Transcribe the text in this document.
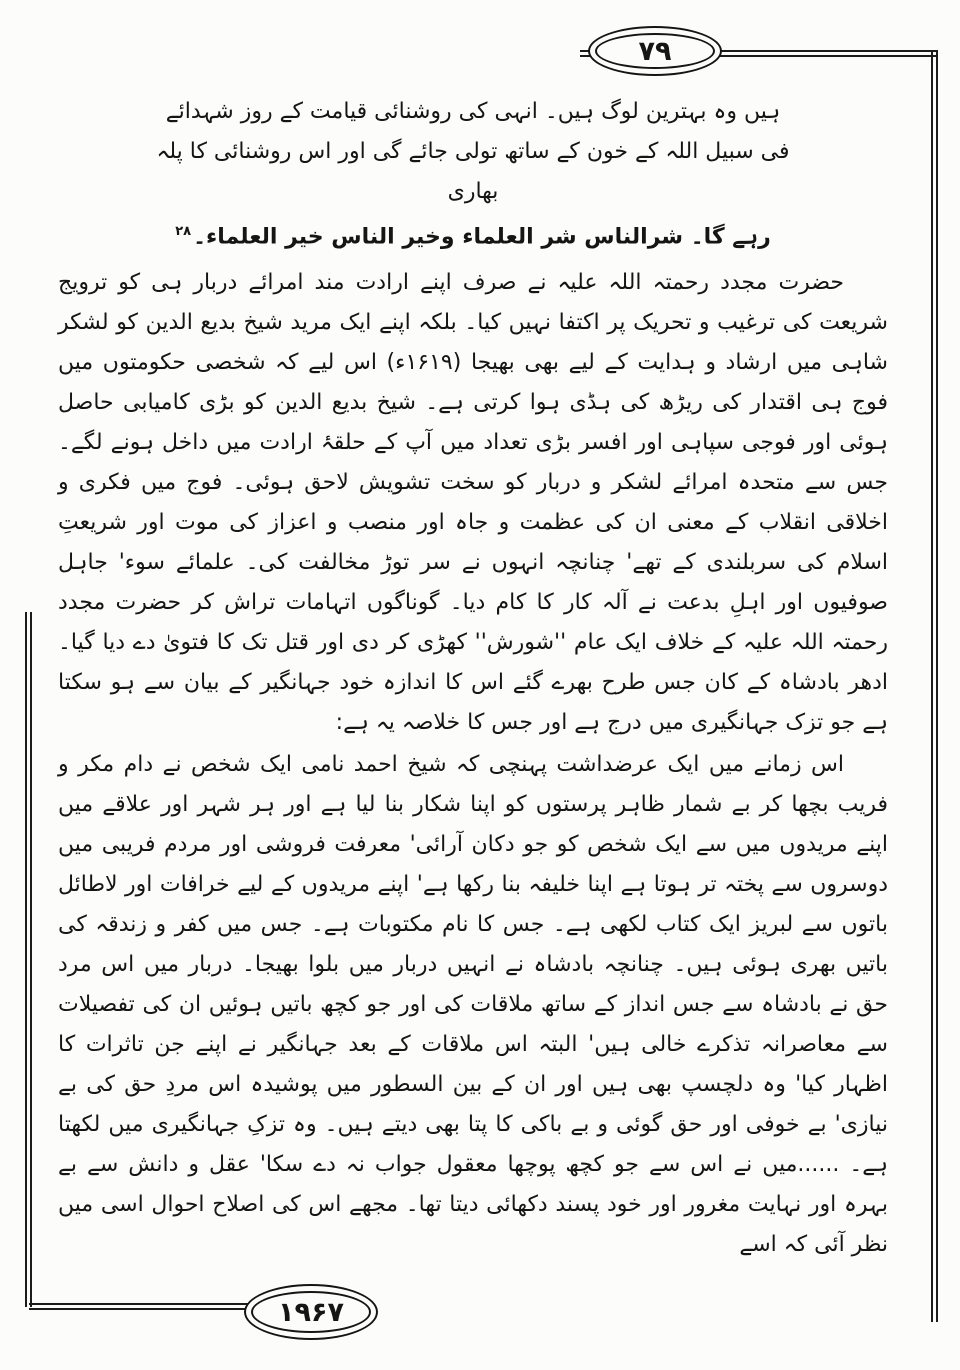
۷۹
ہیں وہ بہترین لوگ ہیں۔ انہی کی روشنائی قیامت کے روز شہدائے
فی سبیل اللہ کے خون کے ساتھ تولی جائے گی اور اس روشنائی کا پلہ بھاری
رہے گا۔ شرالناس شر العلماء وخیر الناس خیر العلماء۔$^{۲۸}$

حضرت مجدد رحمتہ اللہ علیہ نے صرف اپنے ارادت مند امرائے دربار ہی کو ترویج شریعت کی ترغیب و تحریک پر اکتفا نہیں کیا۔ بلکہ اپنے ایک مرید شیخ بدیع الدین کو لشکر شاہی میں ارشاد و ہدایت کے لیے بھی بھیجا (۱۶۱۹ء) اس لیے کہ شخصی حکومتوں میں فوج ہی اقتدار کی ریڑھ کی ہڈی ہوا کرتی ہے۔ شیخ بدیع الدین کو بڑی کامیابی حاصل ہوئی اور فوجی سپاہی اور افسر بڑی تعداد میں آپ کے حلقۂ ارادت میں داخل ہونے لگے۔ جس سے متحدہ امرائے لشکر و دربار کو سخت تشویش لاحق ہوئی۔ فوج میں فکری و اخلاقی انقلاب کے معنی ان کی عظمت و جاہ اور منصب و اعزاز کی موت اور شریعتِ اسلام کی سربلندی کے تھے' چنانچہ انہوں نے سر توڑ مخالفت کی۔ علمائے سوء' جاہل صوفیوں اور اہلِ بدعت نے آلہ کار کا کام دیا۔ گوناگوں اتہامات تراش کر حضرت مجدد رحمتہ اللہ علیہ کے خلاف ایک عام ''شورش'' کھڑی کر دی اور قتل تک کا فتویٰ دے دیا گیا۔ ادھر بادشاہ کے کان جس طرح بھرے گئے اس کا اندازہ خود جہانگیر کے بیان سے ہو سکتا ہے جو تزک جہانگیری میں درج ہے اور جس کا خلاصہ یہ ہے:

اس زمانے میں ایک عرضداشت پہنچی کہ شیخ احمد نامی ایک شخص نے دام مکر و فریب بچھا کر بے شمار ظاہر پرستوں کو اپنا شکار بنا لیا ہے اور ہر شہر اور علاقے میں اپنے مریدوں میں سے ایک شخص کو جو دکان آرائی' معرفت فروشی اور مردم فریبی میں دوسروں سے پختہ تر ہوتا ہے اپنا خلیفہ بنا رکھا ہے' اپنے مریدوں کے لیے خرافات اور لاطائل باتوں سے لبریز ایک کتاب لکھی ہے۔ جس کا نام مکتوبات ہے۔ جس میں کفر و زندقہ کی باتیں بھری ہوئی ہیں۔ چنانچہ بادشاہ نے انہیں دربار میں بلوا بھیجا۔ دربار میں اس مرد حق نے بادشاہ سے جس انداز کے ساتھ ملاقات کی اور جو کچھ باتیں ہوئیں ان کی تفصیلات سے معاصرانہ تذکرے خالی ہیں' البتہ اس ملاقات کے بعد جہانگیر نے اپنے جن تاثرات کا اظہار کیا' وہ دلچسپ بھی ہیں اور ان کے بین السطور میں پوشیدہ اس مردِ حق کی بے نیازی' بے خوفی اور حق گوئی و بے باکی کا پتا بھی دیتے ہیں۔ وہ تزکِ جہانگیری میں لکھتا ہے۔ ......میں نے اس سے جو کچھ پوچھا معقول جواب نہ دے سکا' عقل و دانش سے بے بہرہ اور نہایت مغرور اور خود پسند دکھائی دیتا تھا۔ مجھے اس کی اصلاح احوال اسی میں نظر آئی کہ اسے

۱۹۶۷
